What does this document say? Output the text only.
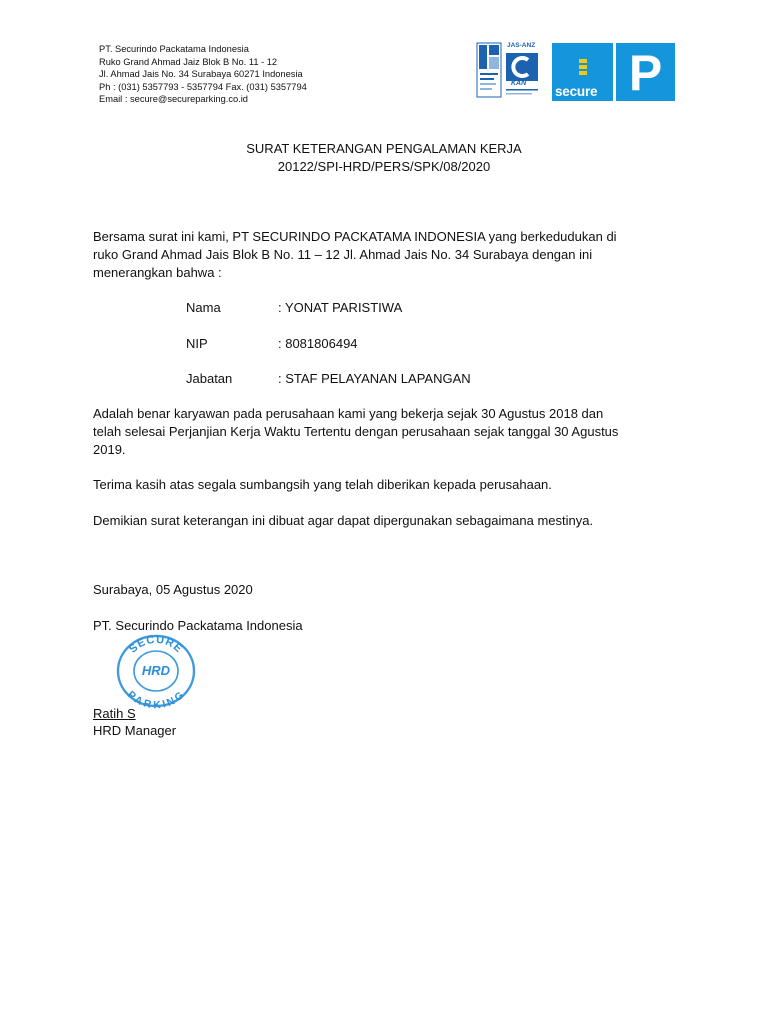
PT. Securindo Packatama Indonesia
Ruko Grand Ahmad Jaiz Blok B No. 11 - 12
Jl. Ahmad Jais No. 34 Surabaya 60271 Indonesia
Ph : (031) 5357793 - 5357794 Fax. (031) 5357794
Email : secure@secureparking.co.id
JAS-ANZ
KAN
secure P
SURAT KETERANGAN PENGALAMAN KERJA
20122/SPI-HRD/PERS/SPK/08/2020
Bersama surat ini kami, PT SECURINDO PACKATAMA INDONESIA yang berkedudukan di
ruko Grand Ahmad Jais Blok B No. 11 – 12 Jl. Ahmad Jais No. 34 Surabaya dengan ini
menerangkan bahwa :
Nama	: YONAT PARISTIWA
NIP	: 8081806494
Jabatan	: STAF PELAYANAN LAPANGAN
Adalah benar karyawan pada perusahaan kami yang bekerja sejak 30 Agustus 2018 dan
telah selesai Perjanjian Kerja Waktu Tertentu dengan perusahaan sejak tanggal 30 Agustus
2019.
Terima kasih atas segala sumbangsih yang telah diberikan kepada perusahaan.
Demikian surat keterangan ini dibuat agar dapat dipergunakan sebagaimana mestinya.
Surabaya, 05 Agustus 2020
PT. Securindo Packatama Indonesia
SECURE
PARKING
HRD
Ratih S
HRD Manager
